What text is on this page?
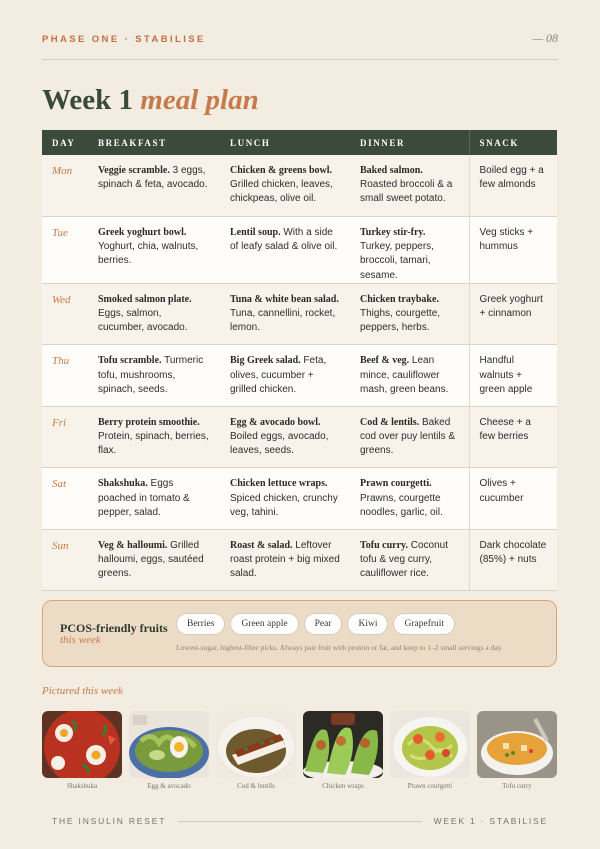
PHASE ONE · STABILISE	— 08
Week 1 meal plan
DAY	BREAKFAST	LUNCH	DINNER	SNACK
Mon	Veggie scramble. 3 eggs, spinach & feta, avocado.	Chicken & greens bowl. Grilled chicken, leaves, chickpeas, olive oil.	Baked salmon. Roasted broccoli & a small sweet potato.	Boiled egg + a few almonds
Tue	Greek yoghurt bowl. Yoghurt, chia, walnuts, berries.	Lentil soup. With a side of leafy salad & olive oil.	Turkey stir-fry. Turkey, peppers, broccoli, tamari, sesame.	Veg sticks + hummus
Wed	Smoked salmon plate. Eggs, salmon, cucumber, avocado.	Tuna & white bean salad. Tuna, cannellini, rocket, lemon.	Chicken traybake. Thighs, courgette, peppers, herbs.	Greek yoghurt + cinnamon
Thu	Tofu scramble. Turmeric tofu, mushrooms, spinach, seeds.	Big Greek salad. Feta, olives, cucumber + grilled chicken.	Beef & veg. Lean mince, cauliflower mash, green beans.	Handful walnuts + green apple
Fri	Berry protein smoothie. Protein, spinach, berries, flax.	Egg & avocado bowl. Boiled eggs, avocado, leaves, seeds.	Cod & lentils. Baked cod over puy lentils & greens.	Cheese + a few berries
Sat	Shakshuka. Eggs poached in tomato & pepper, salad.	Chicken lettuce wraps. Spiced chicken, crunchy veg, tahini.	Prawn courgetti. Prawns, courgette noodles, garlic, oil.	Olives + cucumber
Sun	Veg & halloumi. Grilled halloumi, eggs, sautéed greens.	Roast & salad. Leftover roast protein + big mixed salad.	Tofu curry. Coconut tofu & veg curry, cauliflower rice.	Dark chocolate (85%) + nuts
PCOS-friendly fruits
this week
Berries	Green apple	Pear	Kiwi	Grapefruit
Lowest-sugar, highest-fibre picks. Always pair fruit with protein or fat, and keep to 1–2 small servings a day.
Pictured this week
Shakshuka	Egg & avocado	Cod & lentils	Chicken wraps	Prawn courgetti	Tofu curry
THE INSULIN RESET	WEEK 1 · STABILISE
